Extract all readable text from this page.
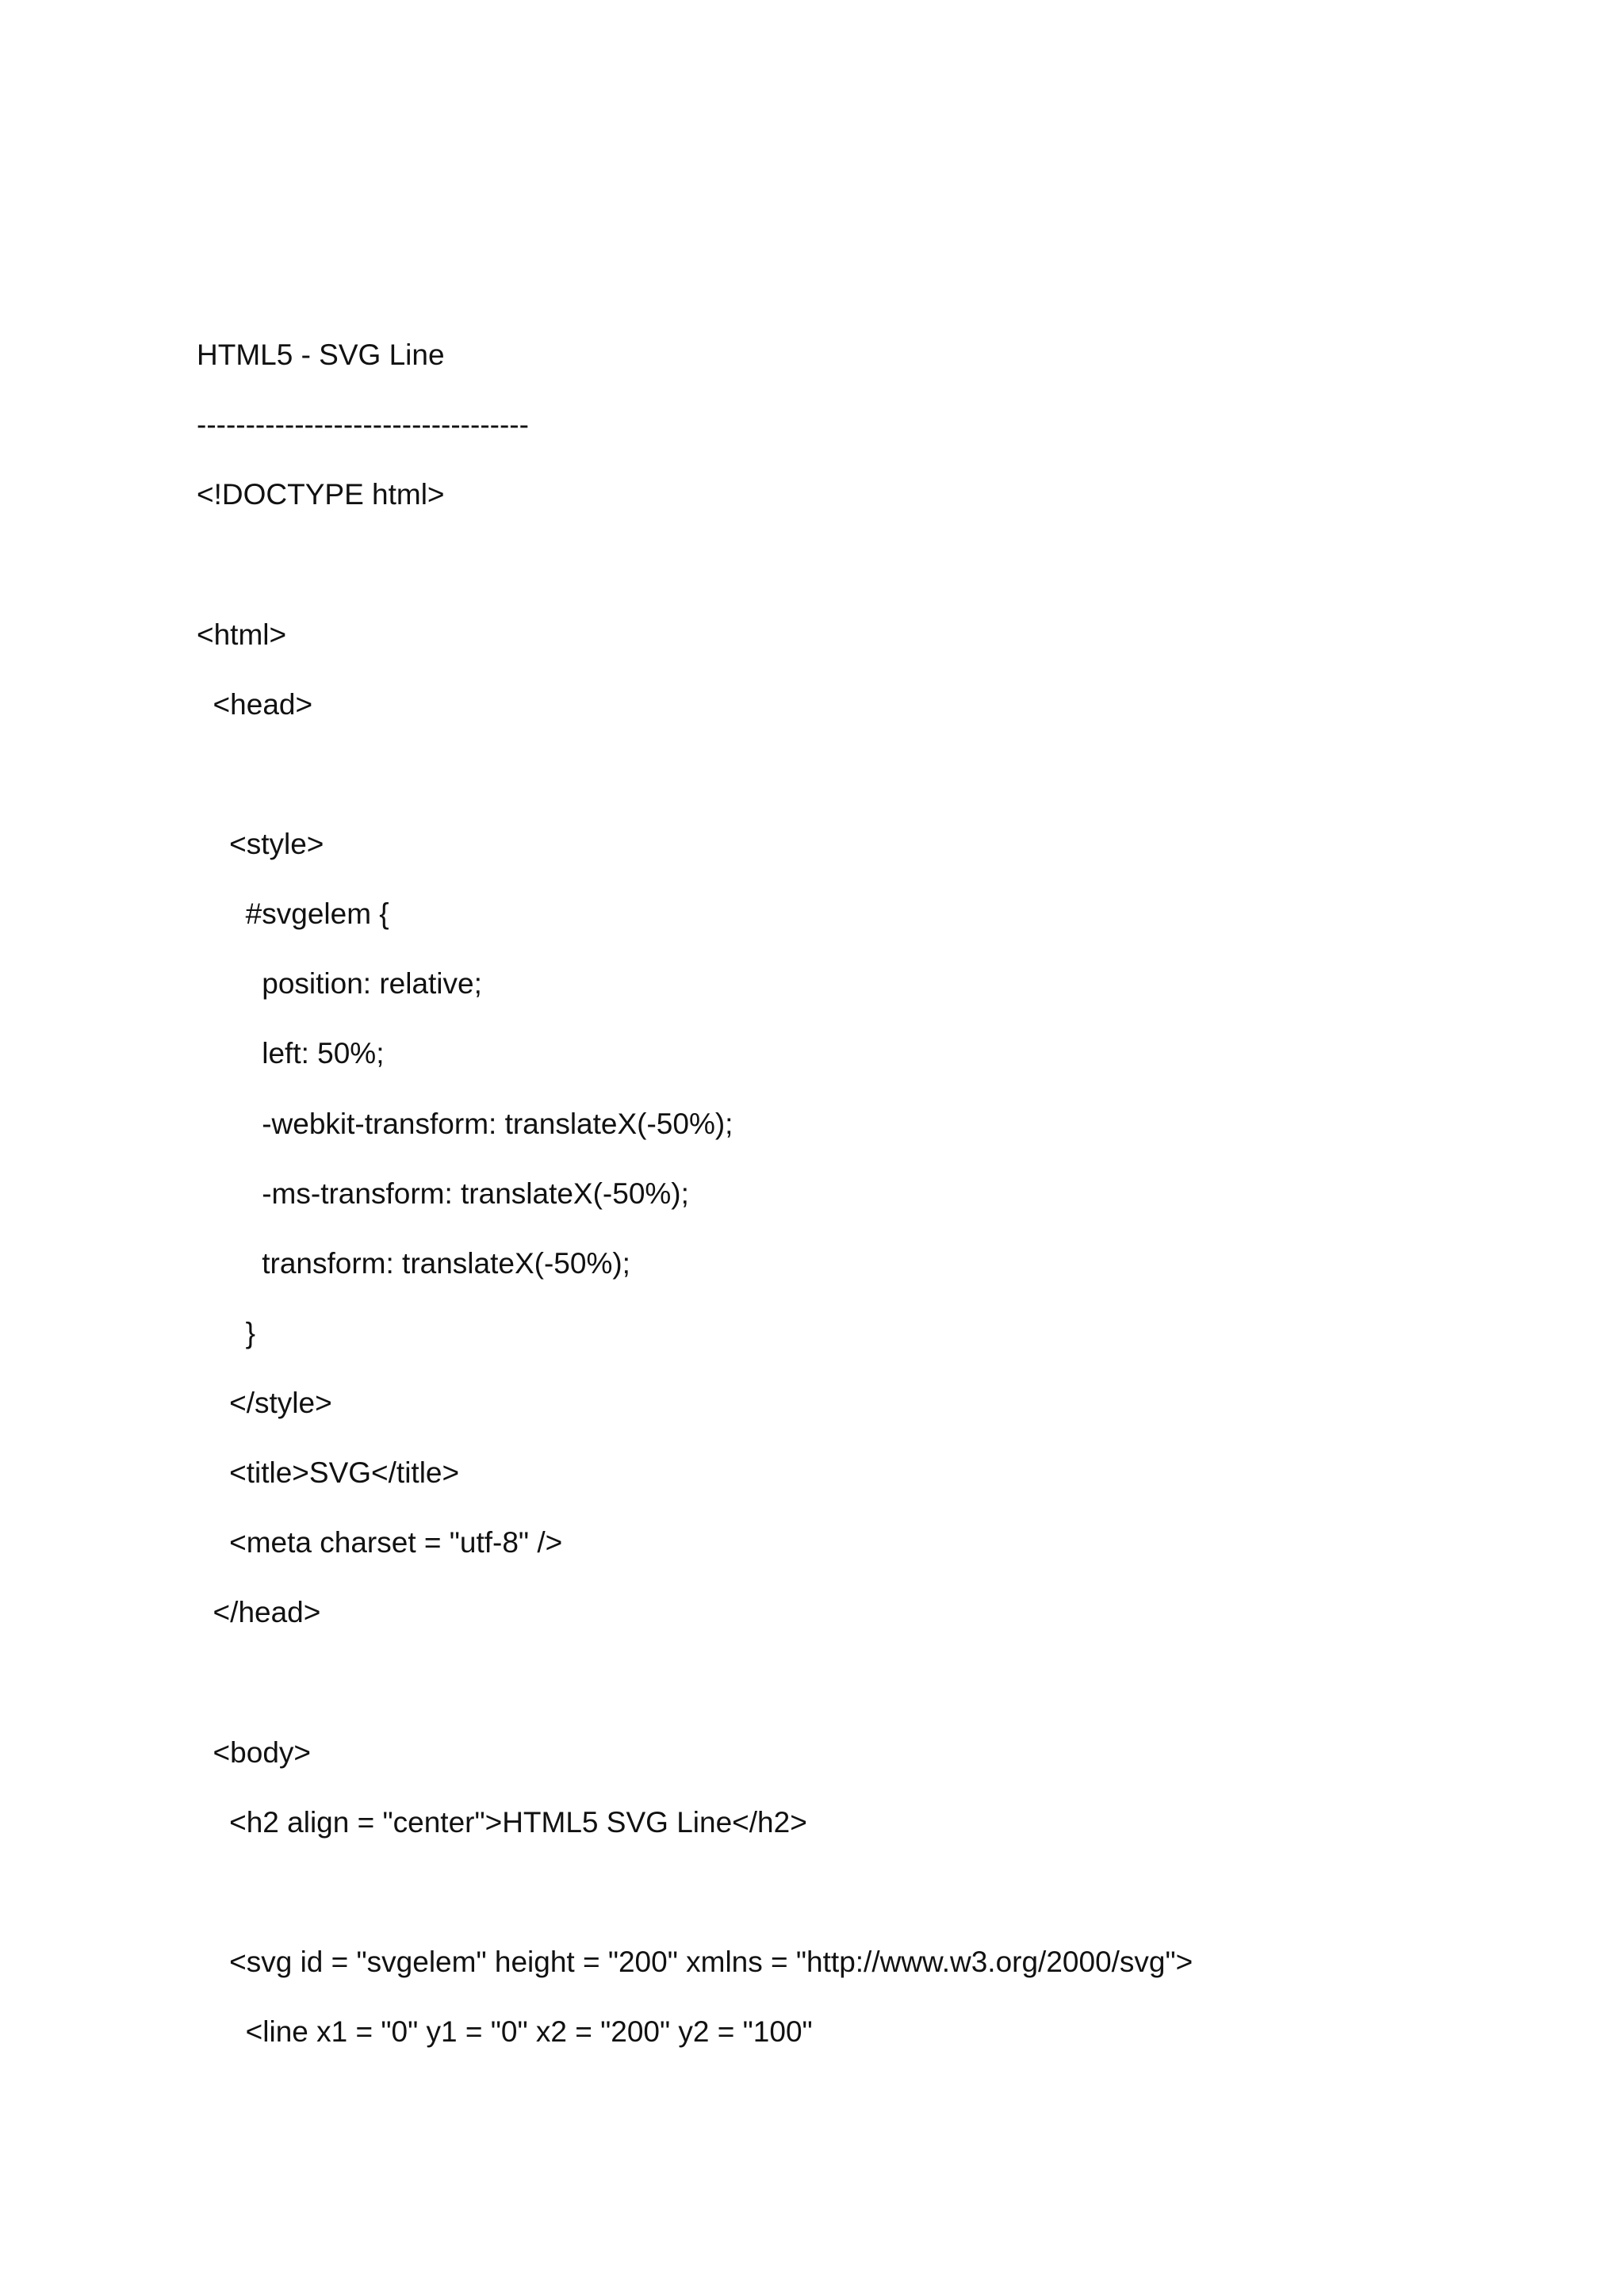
HTML5 - SVG Line

----------------------------------

<!DOCTYPE html>

<html>

<head>

<style>

#svgelem {

position: relative;

left: 50%;

-webkit-transform: translateX(-50%);

-ms-transform: translateX(-50%);

transform: translateX(-50%);

}

</style>

<title>SVG</title>

<meta charset = "utf-8" />

</head>

<body>

<h2 align = "center">HTML5 SVG Line</h2>

<svg id = "svgelem" height = "200" xmlns = "http://www.w3.org/2000/svg">

<line x1 = "0" y1 = "0" x2 = "200" y2 = "100"
